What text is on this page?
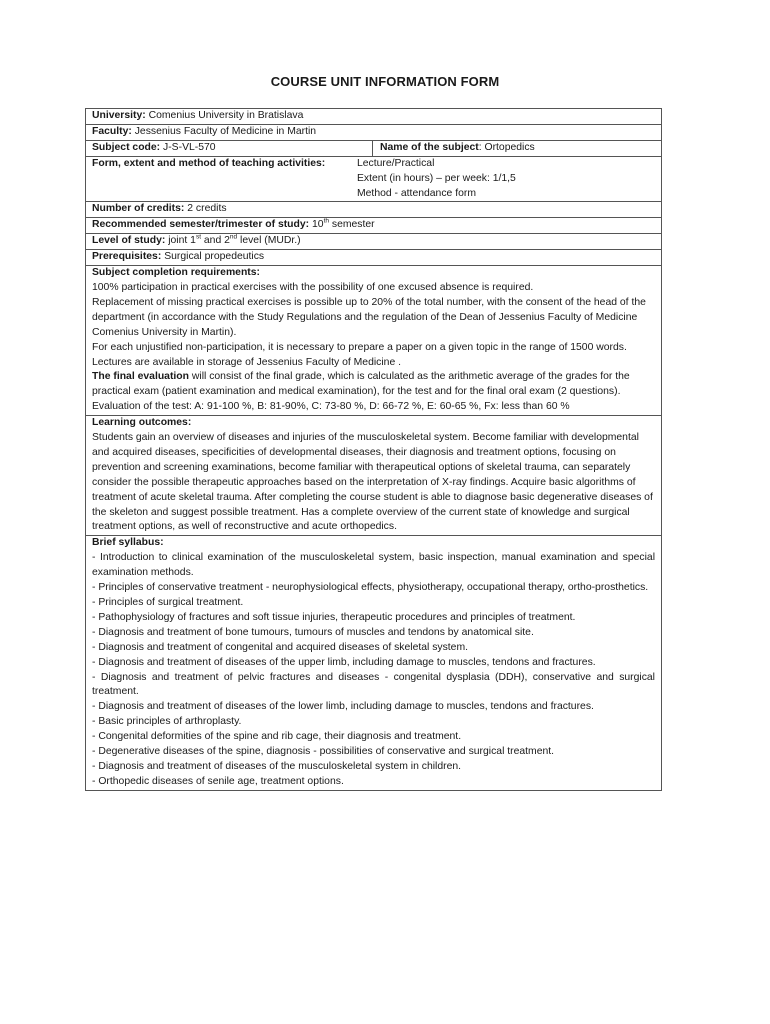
COURSE UNIT INFORMATION FORM
University: Comenius University in Bratislava
Faculty: Jessenius Faculty of Medicine in Martin
Subject code: J-S-VL-570	Name of the subject: Ortopedics
Form, extent and method of teaching activities:	Lecture/Practical

Extent (in hours) – per week: 1/1,5

Method - attendance form

Number of credits: 2 credits
Recommended semester/trimester of study: 10th semester
Level of study: joint 1st and 2nd level (MUDr.)
Prerequisites: Surgical propedeutics

Subject completion requirements:

100% participation in practical exercises with the possibility of one excused absence is required.

Replacement of missing practical exercises is possible up to 20% of the total number, with the consent of the head of the department (in accordance with the Study Regulations and the regulation of the Dean of Jessenius Faculty of Medicine Comenius University in Martin).

For each unjustified non-participation, it is necessary to prepare a paper on a given topic in the range of 1500 words.

Lectures are available in storage of Jessenius Faculty of Medicine .

The final evaluation will consist of the final grade, which is calculated as the arithmetic average of the grades for the practical exam (patient examination and medical examination), for the test and for the final oral exam (2 questions).

Evaluation of the test: A: 91-100 %, B: 81-90%, C: 73-80 %, D: 66-72 %, E: 60-65 %, Fx: less than 60 %

Learning outcomes:

Students gain an overview of diseases and injuries of the musculoskeletal system. Become familiar with developmental and acquired diseases, specificities of developmental diseases, their diagnosis and treatment options, focusing on prevention and screening examinations, become familiar with therapeutical options of skeletal trauma, can separately consider the possible therapeutic approaches based on the interpretation of X-ray findings. Acquire basic algorithms of treatment of acute skeletal trauma. After completing the course student is able to diagnose basic degenerative diseases of the skeleton and suggest possible treatment. Has a complete overview of the current state of knowledge and surgical treatment options, as well of reconstructive and acute orthopedics.

Brief syllabus:

- Introduction to clinical examination of the musculoskeletal system, basic inspection, manual examination and special examination methods.

- Principles of conservative treatment - neurophysiological effects, physiotherapy, occupational therapy, ortho-prosthetics.

- Principles of surgical treatment.

- Pathophysiology of fractures and soft tissue injuries, therapeutic procedures and principles of treatment.

- Diagnosis and treatment of bone tumours, tumours of muscles and tendons by anatomical site.

- Diagnosis and treatment of congenital and acquired diseases of skeletal system.

- Diagnosis and treatment of diseases of the upper limb, including damage to muscles, tendons and fractures.

- Diagnosis and treatment of pelvic fractures and diseases - congenital dysplasia (DDH), conservative and surgical treatment.

- Diagnosis and treatment of diseases of the lower limb, including damage to muscles, tendons and fractures.

- Basic principles of arthroplasty.

- Congenital deformities of the spine and rib cage, their diagnosis and treatment.

- Degenerative diseases of the spine, diagnosis - possibilities of conservative and surgical treatment.

- Diagnosis and treatment of diseases of the musculoskeletal system in children.

- Orthopedic diseases of senile age, treatment options.
